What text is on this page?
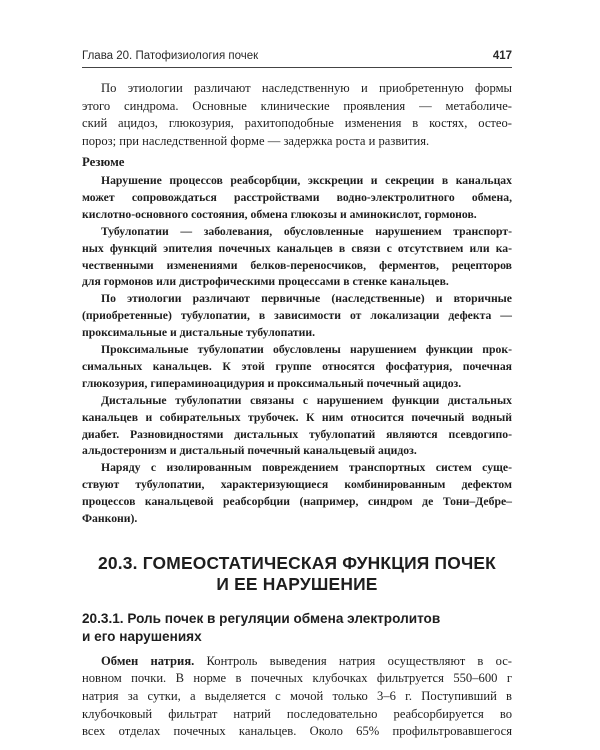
Глава 20. Патофизиология почек	417

По этиологии различают наследственную и приобретенную формы
этого синдрома. Основные клинические проявления — метаболиче-
ский ацидоз, глюкозурия, рахитоподобные изменения в костях, остео-
пороз; при наследственной форме — задержка роста и развития.

Резюме

Нарушение процессов реабсорбции, экскреции и секреции в канальцах
может сопровождаться расстройствами водно-электролитного обмена,
кислотно-основного состояния, обмена глюкозы и аминокислот, гормонов.

Тубулопатии — заболевания, обусловленные нарушением транспорт-
ных функций эпителия почечных канальцев в связи с отсутствием или ка-
чественными изменениями белков-переносчиков, ферментов, рецепторов
для гормонов или дистрофическими процессами в стенке канальцев.

По этиологии различают первичные (наследственные) и вторичные
(приобретенные) тубулопатии, в зависимости от локализации дефекта —
проксимальные и дистальные тубулопатии.

Проксимальные тубулопатии обусловлены нарушением функции прок-
симальных канальцев. К этой группе относятся фосфатурия, почечная
глюкозурия, гипераминоацидурия и проксимальный почечный ацидоз.

Дистальные тубулопатии связаны с нарушением функции дистальных
канальцев и собирательных трубочек. К ним относится почечный водный
диабет. Разновидностями дистальных тубулопатий являются псевдогипо-
альдостеронизм и дистальный почечный канальцевый ацидоз.

Наряду с изолированным повреждением транспортных систем суще-
ствуют тубулопатии, характеризующиеся комбинированным дефектом
процессов канальцевой реабсорбции (например, синдром де Тони–Дебре–
Фанкони).

20.3. ГОМЕОСТАТИЧЕСКАЯ ФУНКЦИЯ ПОЧЕК
И ЕЕ НАРУШЕНИЕ
20.3.1. Роль почек в регуляции обмена электролитов
и его нарушениях

Обмен натрия. Контроль выведения натрия осуществляют в ос-
новном почки. В норме в почечных клубочках фильтруется 550–600 г
натрия за сутки, а выделяется с мочой только 3–6 г. Поступивший в
клубочковый фильтрат натрий последовательно реабсорбируется во
всех отделах почечных канальцев. Около 65% профильтровавшегося
